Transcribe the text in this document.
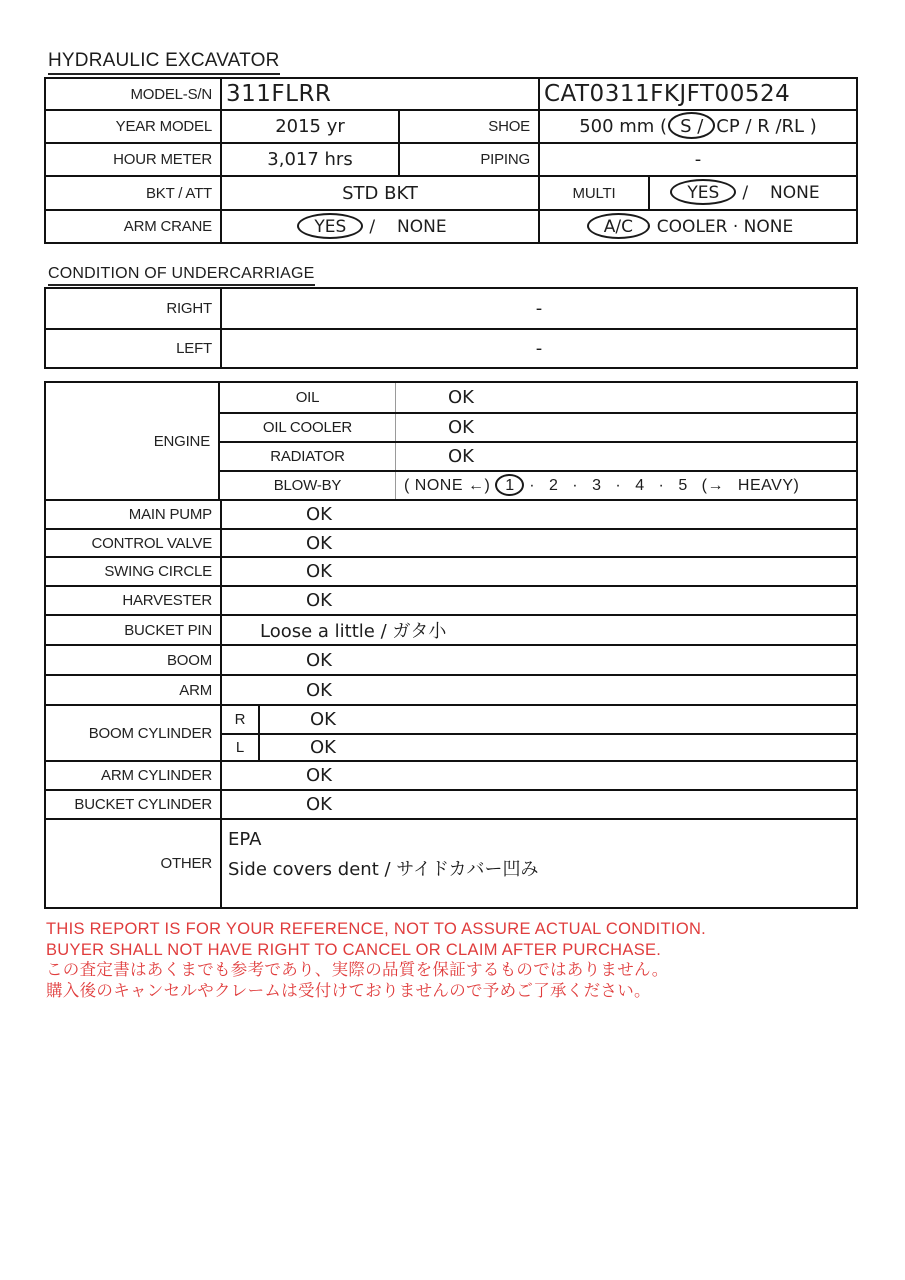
HYDRAULIC EXCAVATOR
MODEL-S/N 311FLRR	CAT0311FKJFT00524
YEAR MODEL	2015 yr	SHOE	500 mm ( S / CP / R /RL )
HOUR METER	3,017 hrs	PIPING	-
BKT / ATT	STD BKT	MULTI	YES / NONE
ARM CRANE	YES / NONE	A/C · COOLER · NONE
CONDITION OF UNDERCARRIAGE
RIGHT	-
LEFT	-
ENGINE
OIL	OK
OIL COOLER	OK
RADIATOR	OK
BLOW-BY	( NONE ←) 1 · 2 · 3 · 4 · 5 (→ HEAVY)
MAIN PUMP	OK
CONTROL VALVE	OK
SWING CIRCLE	OK
HARVESTER	OK
BUCKET PIN	Loose a little / ガタ小
BOOM	OK
ARM	OK
BOOM CYLINDER
R	OK
L	OK
ARM CYLINDER	OK
BUCKET CYLINDER	OK
OTHER
EPA
Side covers dent / サイドカバー凹み
THIS REPORT IS FOR YOUR REFERENCE, NOT TO ASSURE ACTUAL CONDITION.
BUYER SHALL NOT HAVE RIGHT TO CANCEL OR CLAIM AFTER PURCHASE.
この査定書はあくまでも参考であり、実際の品質を保証するものではありません。
購入後のキャンセルやクレームは受付けておりませんので予めご了承ください。
